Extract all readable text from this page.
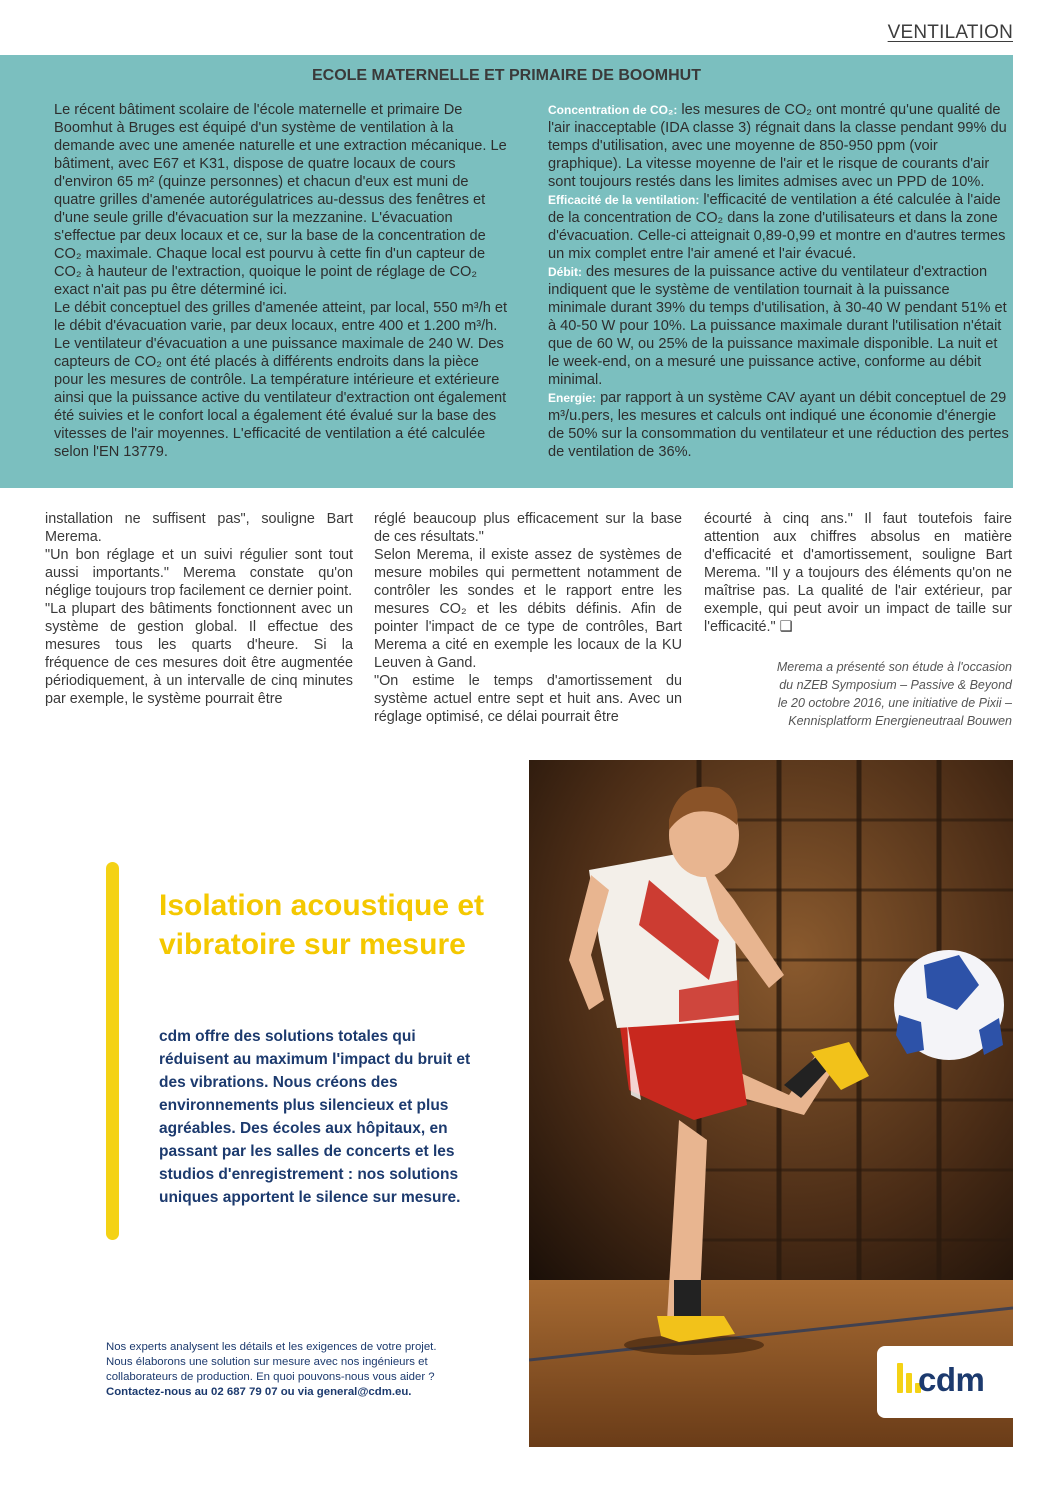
VENTILATION
ECOLE MATERNELLE ET PRIMAIRE DE BOOMHUT

Le récent bâtiment scolaire de l'école maternelle et primaire De Boomhut à Bruges est équipé d'un système de ventilation à la demande avec une amenée naturelle et une extraction mécanique. Le bâtiment, avec E67 et K31, dispose de quatre locaux de cours d'environ 65 m² (quinze personnes) et chacun d'eux est muni de quatre grilles d'amenée autorégulatrices au-dessus des fenêtres et d'une seule grille d'évacuation sur la mezzanine. L'évacuation s'effectue par deux locaux et ce, sur la base de la concentration de CO₂ maximale. Chaque local est pourvu à cette fin d'un capteur de CO₂ à hauteur de l'extraction, quoique le point de réglage de CO₂ exact n'ait pas pu être déterminé ici.

Le débit conceptuel des grilles d'amenée atteint, par local, 550 m³/h et le débit d'évacuation varie, par deux locaux, entre 400 et 1.200 m³/h. Le ventilateur d'évacuation a une puissance maximale de 240 W. Des capteurs de CO₂ ont été placés à différents endroits dans la pièce pour les mesures de contrôle. La température intérieure et extérieure ainsi que la puissance active du ventilateur d'extraction ont également été suivies et le confort local a également été évalué sur la base des vitesses de l'air moyennes. L'efficacité de ventilation a été calculée selon l'EN 13779.

Concentration de CO₂: les mesures de CO₂ ont montré qu'une qualité de l'air inacceptable (IDA classe 3) régnait dans la classe pendant 99% du temps d'utilisation, avec une moyenne de 850-950 ppm (voir graphique). La vitesse moyenne de l'air et le risque de courants d'air sont toujours restés dans les limites admises avec un PPD de 10%.

Efficacité de la ventilation: l'efficacité de ventilation a été calculée à l'aide de la concentration de CO₂ dans la zone d'utilisateurs et dans la zone d'évacuation. Celle-ci atteignait 0,89-0,99 et montre en d'autres termes un mix complet entre l'air amené et l'air évacué.

Débit: des mesures de la puissance active du ventilateur d'extraction indiquent que le système de ventilation tournait à la puissance minimale durant 39% du temps d'utilisation, à 30-40 W pendant 51% et à 40-50 W pour 10%. La puissance maximale durant l'utilisation n'était que de 60 W, ou 25% de la puissance maximale disponible. La nuit et le week-end, on a mesuré une puissance active, conforme au débit minimal.

Energie: par rapport à un système CAV ayant un débit conceptuel de 29 m³/u.pers, les mesures et calculs ont indiqué une économie d'énergie de 50% sur la consommation du ventilateur et une réduction des pertes de ventilation de 36%.

installation ne suffisent pas", souligne Bart Merema.

"Un bon réglage et un suivi régulier sont tout aussi importants." Merema constate qu'on néglige toujours trop facilement ce dernier point.

"La plupart des bâtiments fonctionnent avec un système de gestion global. Il effectue des mesures tous les quarts d'heure. Si la fréquence de ces mesures doit être augmentée périodiquement, à un intervalle de cinq minutes par exemple, le système pourrait être

réglé beaucoup plus efficacement sur la base de ces résultats."

Selon Merema, il existe assez de systèmes de mesure mobiles qui permettent notamment de contrôler les sondes et le rapport entre les mesures CO₂ et les débits définis. Afin de pointer l'impact de ce type de contrôles, Bart Merema a cité en exemple les locaux de la KU Leuven à Gand.

"On estime le temps d'amortissement du système actuel entre sept et huit ans. Avec un réglage optimisé, ce délai pourrait être

écourté à cinq ans." Il faut toutefois faire attention aux chiffres absolus en matière d'efficacité et d'amortissement, souligne Bart Merema. "Il y a toujours des éléments qu'on ne maîtrise pas. La qualité de l'air extérieur, par exemple, qui peut avoir un impact de taille sur l'efficacité." ❑

Merema a présenté son étude à l'occasion
du nZEB Symposium – Passive & Beyond
le 20 octobre 2016, une initiative de Pixii –
Kennisplatform Energieneutraal Bouwen

Isolation acoustique et vibratoire sur mesure
cdm offre des solutions totales qui réduisent au maximum l'impact du bruit et des vibrations. Nous créons des environnements plus silencieux et plus agréables. Des écoles aux hôpitaux, en passant par les salles de concerts et les studios d'enregistrement : nos solutions uniques apportent le silence sur mesure.

Nos experts analysent les détails et les exigences de votre projet.

Nous élaborons une solution sur mesure avec nos ingénieurs et

collaborateurs de production. En quoi pouvons-nous vous aider ?

Contactez-nous au 02 687 79 07 ou via general@cdm.eu.	cdm
